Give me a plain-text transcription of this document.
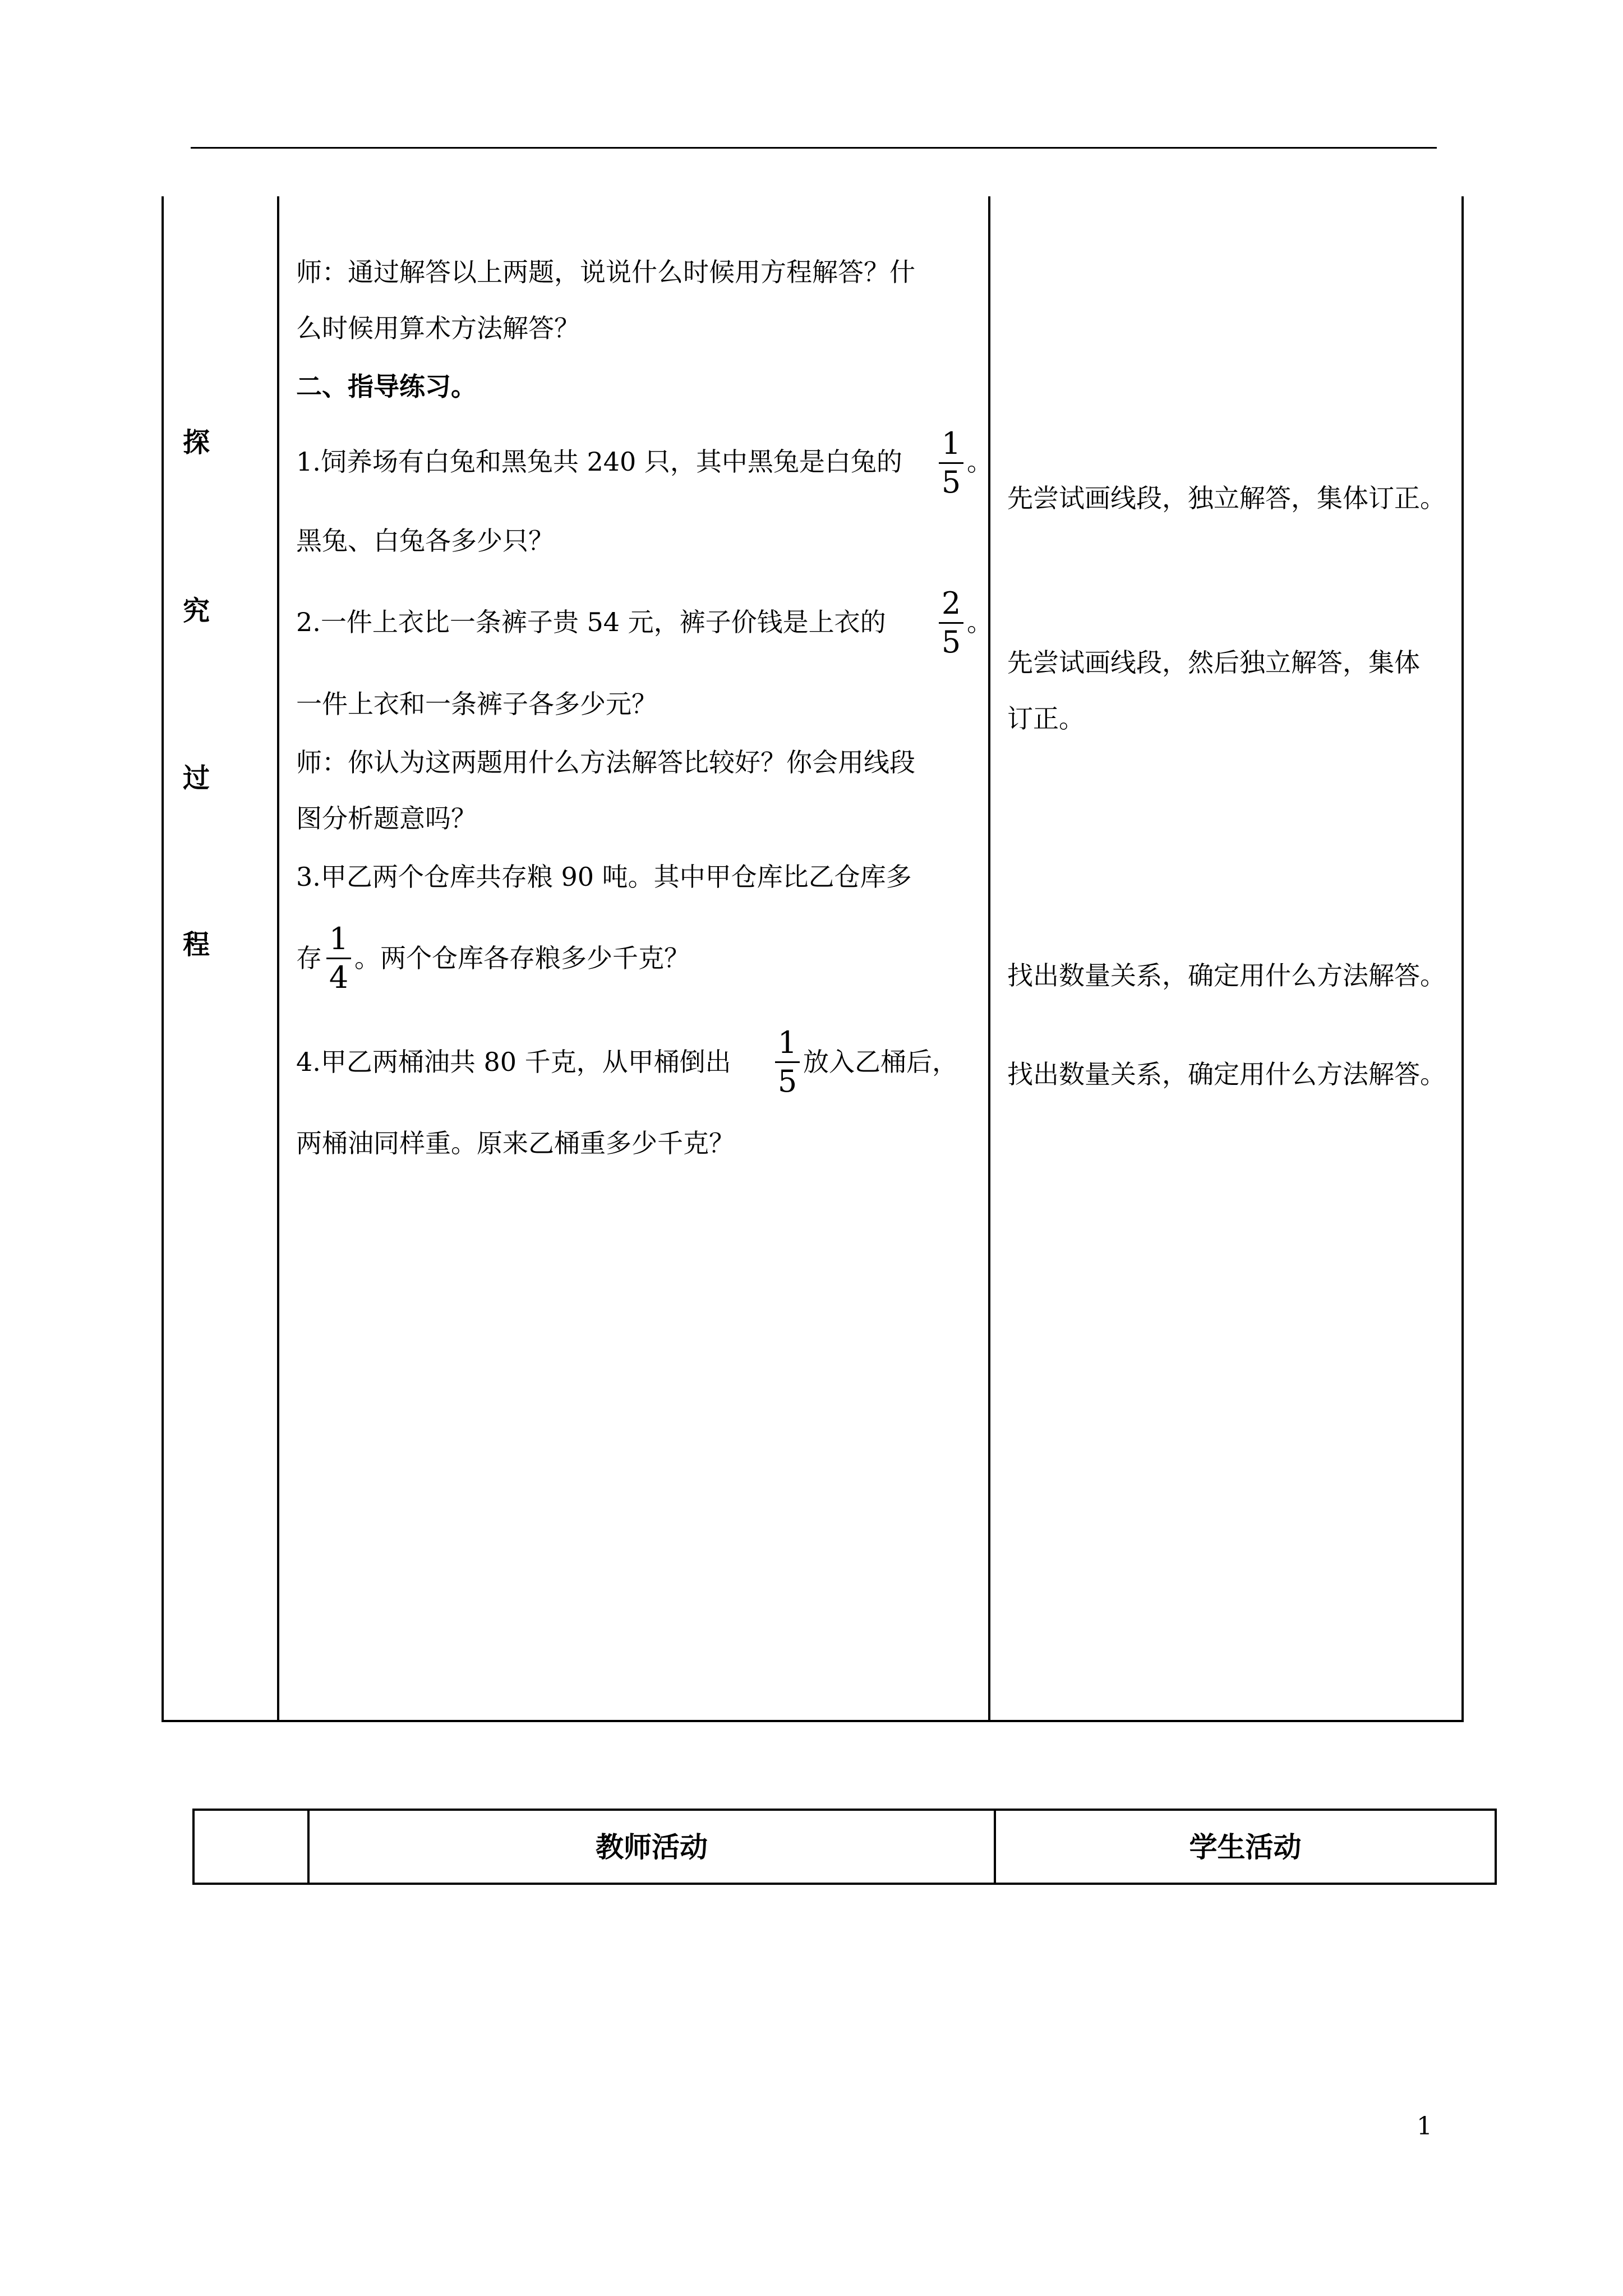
探
究
过
程
师：通过解答以上两题，说说什么时候用方程解答？什
么时候用算术方法解答？
二、指导练习。
1.饲养场有白兔和黑兔共 240 只，其中黑兔是白兔的
1
5
。
黑兔、白兔各多少只？
2.一件上衣比一条裤子贵 54 元，裤子价钱是上衣的
2
5
。
一件上衣和一条裤子各多少元？
师：你认为这两题用什么方法解答比较好？你会用线段
图分析题意吗？
3.甲乙两个仓库共存粮 90 吨。其中甲仓库比乙仓库多
存
1
4
。两个仓库各存粮多少千克？
4.甲乙两桶油共 80 千克，从甲桶倒出
1
5
放入乙桶后，
两桶油同样重。原来乙桶重多少千克？
先尝试画线段，独立解答，集体订正。
先尝试画线段，然后独立解答，集体
订正。
找出数量关系，确定用什么方法解答。
找出数量关系，确定用什么方法解答。
教师活动	学生活动
1
